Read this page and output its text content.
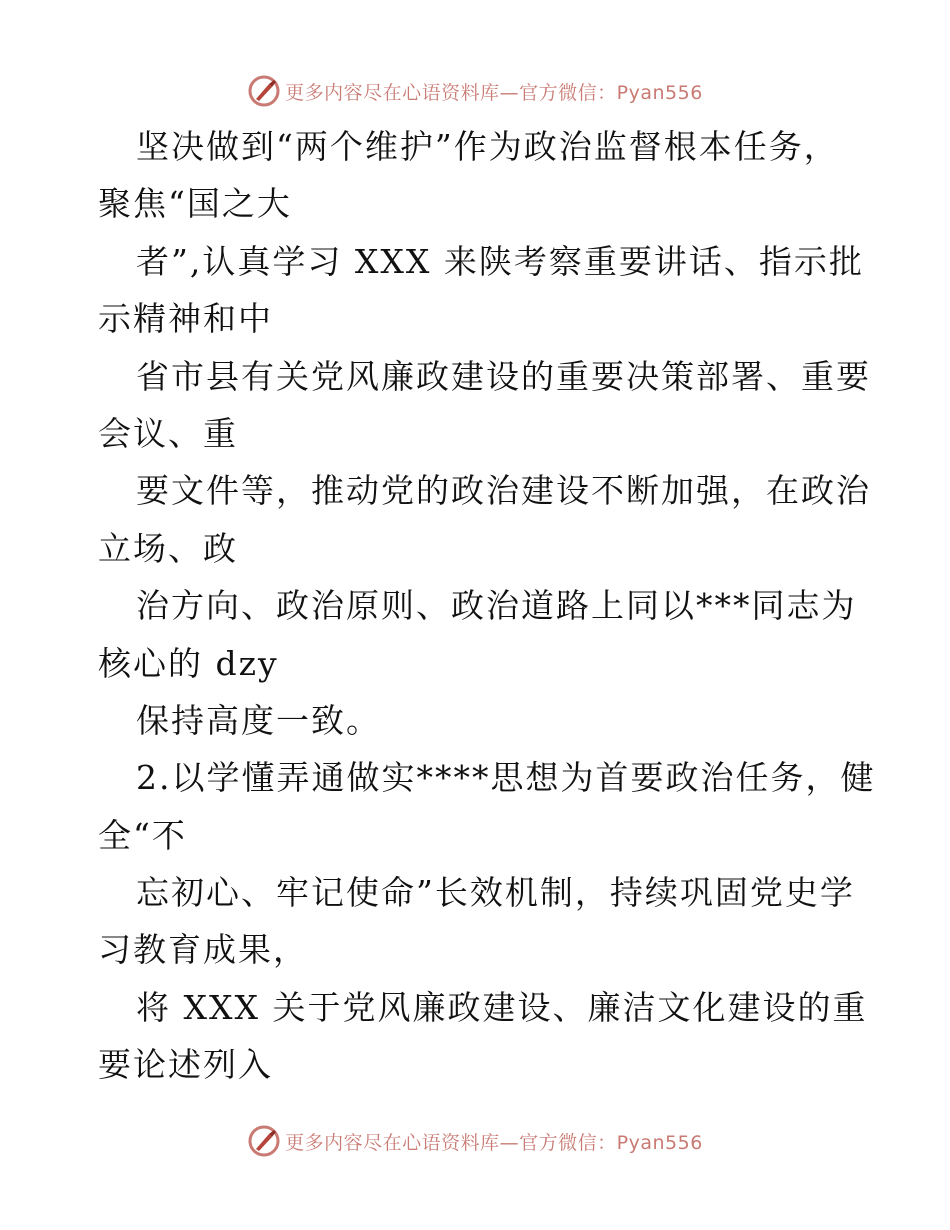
更多内容尽在心语资料库—官方微信：Pyan556
坚决做到“两个维护”作为政治监督根本任务，
聚焦“国之大
者”,认真学习 XXX 来陕考察重要讲话、指示批
示精神和中
省市县有关党风廉政建设的重要决策部署、重要
会议、重
要文件等，推动党的政治建设不断加强，在政治
立场、政
治方向、政治原则、政治道路上同以***同志为
核心的 dzy
保持高度一致。
2.以学懂弄通做实****思想为首要政治任务，健
全“不
忘初心、牢记使命”长效机制，持续巩固党史学
习教育成果，
将 XXX 关于党风廉政建设、廉洁文化建设的重
要论述列入
更多内容尽在心语资料库—官方微信：Pyan556
